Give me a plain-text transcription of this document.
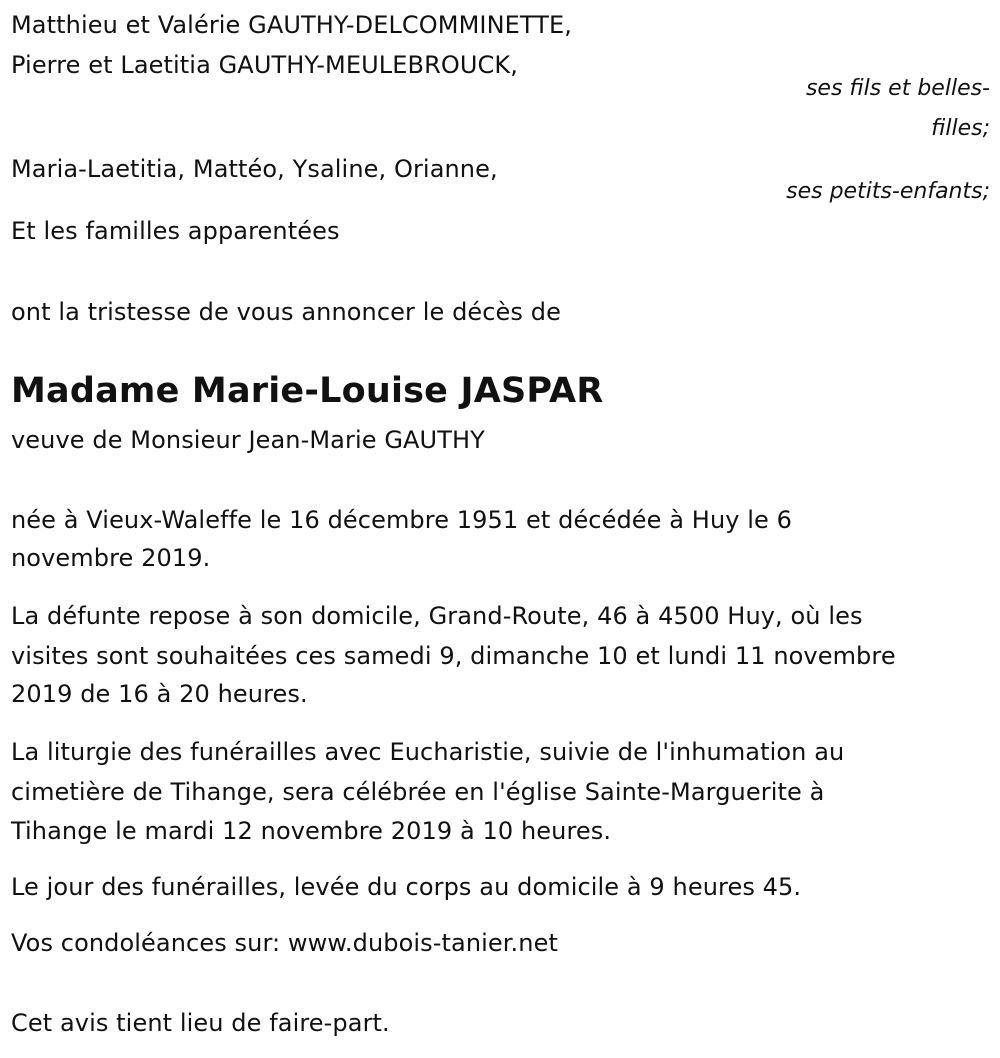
Matthieu et Valérie GAUTHY-DELCOMMINETTE,
Pierre et Laetitia GAUTHY-MEULEBROUCK,
ses fils et belles-
filles;
Maria-Laetitia, Mattéo, Ysaline, Orianne,
ses petits-enfants;
Et les familles apparentées
ont la tristesse de vous annoncer le décès de
Madame Marie-Louise JASPAR
veuve de Monsieur Jean-Marie GAUTHY
née à Vieux-Waleffe le 16 décembre 1951 et décédée à Huy le 6
novembre 2019.
La défunte repose à son domicile, Grand-Route, 46 à 4500 Huy, où les
visites sont souhaitées ces samedi 9, dimanche 10 et lundi 11 novembre
2019 de 16 à 20 heures.
La liturgie des funérailles avec Eucharistie, suivie de l'inhumation au
cimetière de Tihange, sera célébrée en l'église Sainte-Marguerite à
Tihange le mardi 12 novembre 2019 à 10 heures.
Le jour des funérailles, levée du corps au domicile à 9 heures 45.
Vos condoléances sur: www.dubois-tanier.net
Cet avis tient lieu de faire-part.
